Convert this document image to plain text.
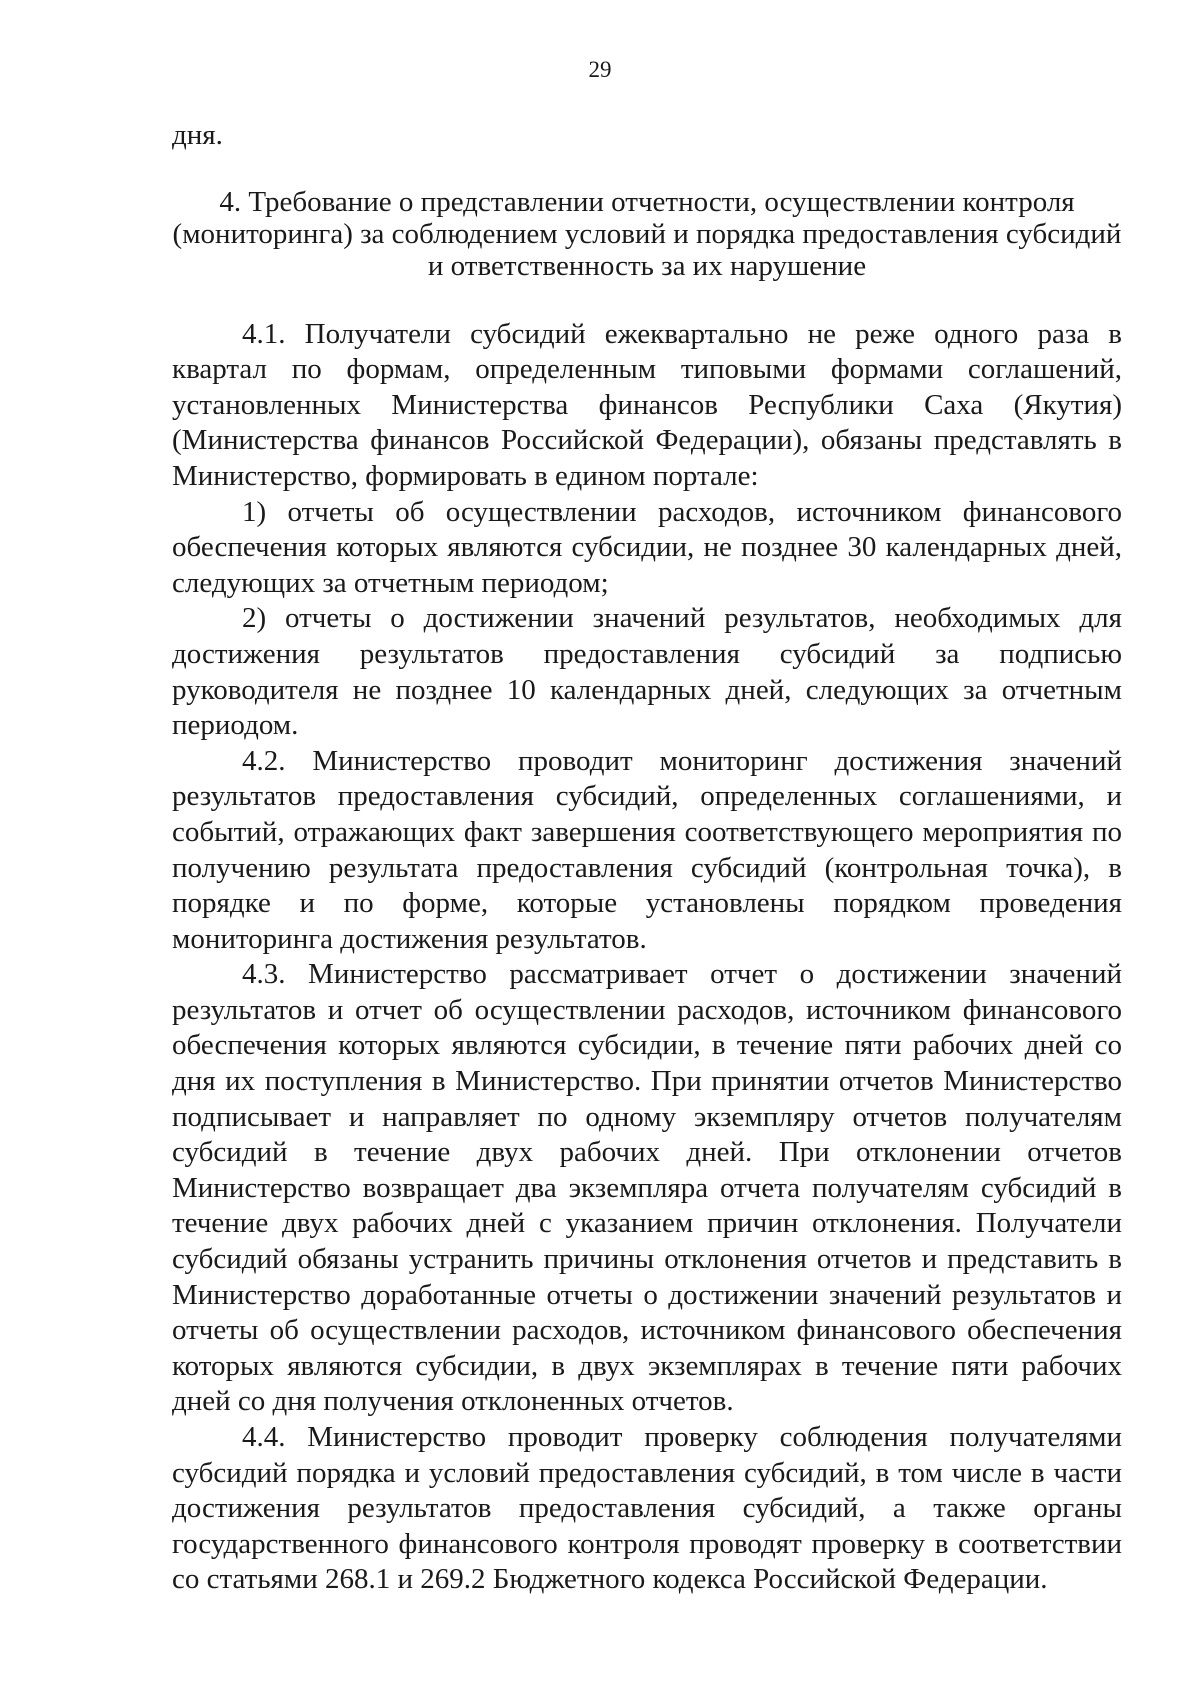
29

дня.

4. Требование о представлении отчетности, осуществлении контроля
(мониторинга) за соблюдением условий и порядка предоставления субсидий
и ответственность за их нарушение

4.1. Получатели субсидий ежеквартально не реже одного раза в квартал по формам, определенным типовыми формами соглашений, установленных Министерства финансов Республики Саха (Якутия) (Министерства финансов Российской Федерации), обязаны представлять в Министерство, формировать в едином портале:

1) отчеты об осуществлении расходов, источником финансового обеспечения которых являются субсидии, не позднее 30 календарных дней, следующих за отчетным периодом;

2) отчеты о достижении значений результатов, необходимых для достижения результатов предоставления субсидий за подписью руководителя не позднее 10 календарных дней, следующих за отчетным периодом.

4.2. Министерство проводит мониторинг достижения значений результатов предоставления субсидий, определенных соглашениями, и событий, отражающих факт завершения соответствующего мероприятия по получению результата предоставления субсидий (контрольная точка), в порядке и по форме, которые установлены порядком проведения мониторинга достижения результатов.

4.3. Министерство рассматривает отчет о достижении значений результатов и отчет об осуществлении расходов, источником финансового обеспечения которых являются субсидии, в течение пяти рабочих дней со дня их поступления в Министерство. При принятии отчетов Министерство подписывает и направляет по одному экземпляру отчетов получателям субсидий в течение двух рабочих дней. При отклонении отчетов Министерство возвращает два экземпляра отчета получателям субсидий в течение двух рабочих дней с указанием причин отклонения. Получатели субсидий обязаны устранить причины отклонения отчетов и представить в Министерство доработанные отчеты о достижении значений результатов и отчеты об осуществлении расходов, источником финансового обеспечения которых являются субсидии, в двух экземплярах в течение пяти рабочих дней со дня получения отклоненных отчетов.

4.4. Министерство проводит проверку соблюдения получателями субсидий порядка и условий предоставления субсидий, в том числе в части достижения результатов предоставления субсидий, а также органы государственного финансового контроля проводят проверку в соответствии со статьями 268.1 и 269.2 Бюджетного кодекса Российской Федерации.
